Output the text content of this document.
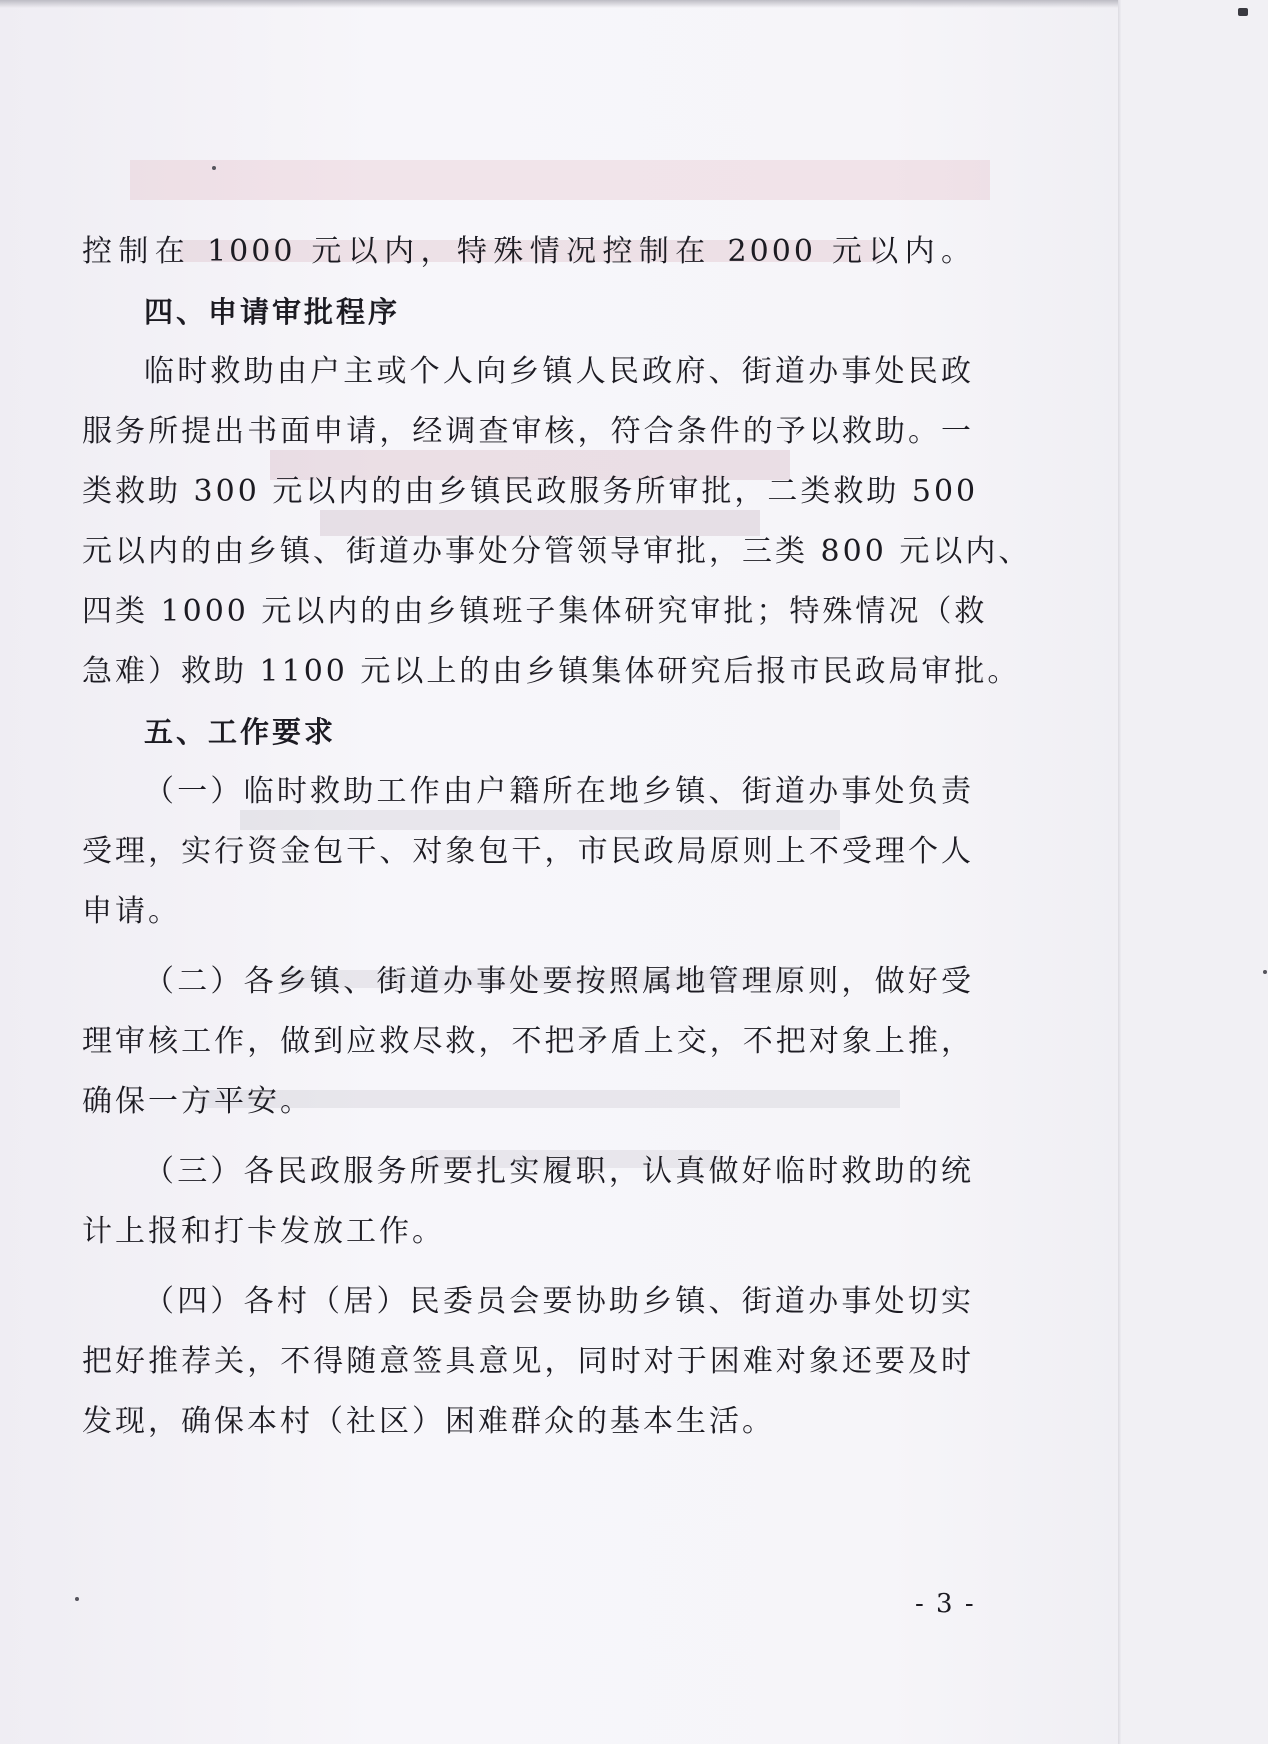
控制在 1000 元以内，特殊情况控制在 2000 元以内。
四、申请审批程序
临时救助由户主或个人向乡镇人民政府、街道办事处民政
服务所提出书面申请，经调查审核，符合条件的予以救助。一
类救助 300 元以内的由乡镇民政服务所审批，二类救助 500
元以内的由乡镇、街道办事处分管领导审批，三类 800 元以内、
四类 1000 元以内的由乡镇班子集体研究审批；特殊情况（救
急难）救助 1100 元以上的由乡镇集体研究后报市民政局审批。
五、工作要求
（一）临时救助工作由户籍所在地乡镇、街道办事处负责
受理，实行资金包干、对象包干，市民政局原则上不受理个人
申请。
（二）各乡镇、街道办事处要按照属地管理原则，做好受
理审核工作，做到应救尽救，不把矛盾上交，不把对象上推，
确保一方平安。
（三）各民政服务所要扎实履职，认真做好临时救助的统
计上报和打卡发放工作。
（四）各村（居）民委员会要协助乡镇、街道办事处切实
把好推荐关，不得随意签具意见，同时对于困难对象还要及时
发现，确保本村（社区）困难群众的基本生活。
- 3 -
